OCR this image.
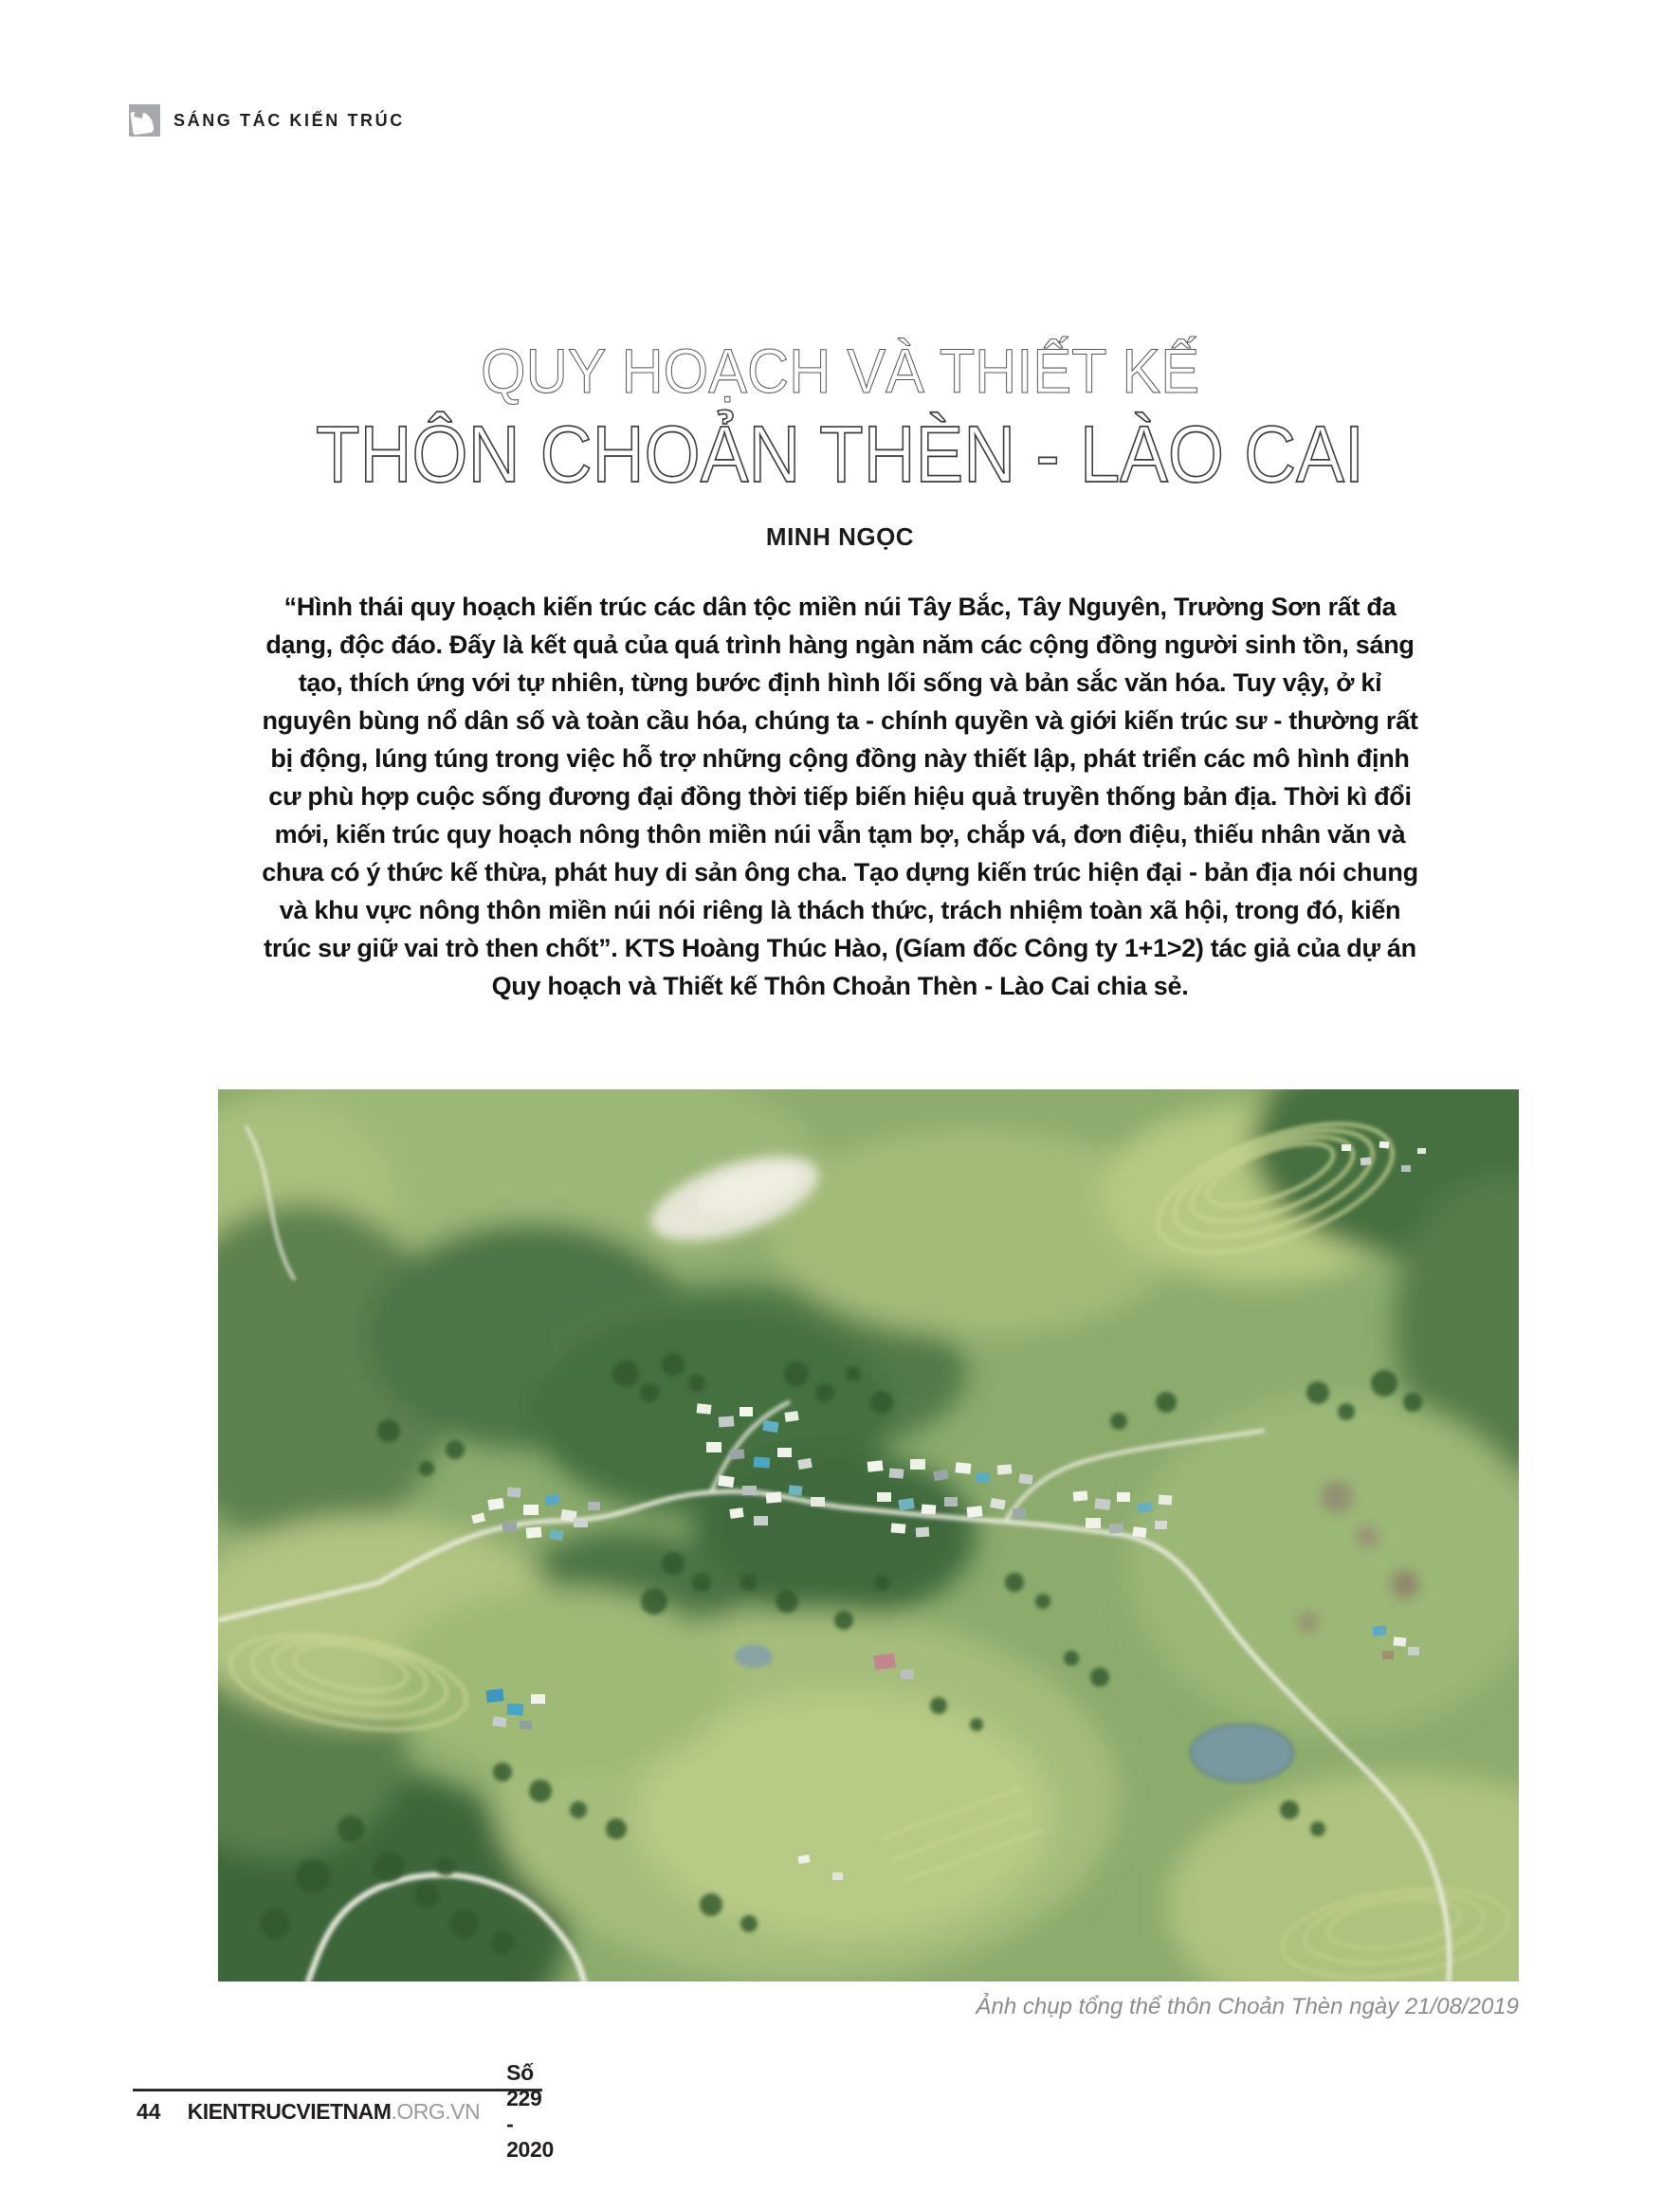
SÁNG TÁC KIẾN TRÚC
QUY HOẠCH VÀ THIẾT KẾ
THÔN CHOẢN THÈN - LÀO CAI
MINH NGỌC
“Hình thái quy hoạch kiến trúc các dân tộc miền núi Tây Bắc, Tây Nguyên, Trường Sơn rất đa dạng, độc đáo. Đấy là kết quả của quá trình hàng ngàn năm các cộng đồng người sinh tồn, sáng tạo, thích ứng với tự nhiên, từng bước định hình lối sống và bản sắc văn hóa. Tuy vậy, ở kỉ nguyên bùng nổ dân số và toàn cầu hóa, chúng ta - chính quyền và giới kiến trúc sư - thường rất bị động, lúng túng trong việc hỗ trợ những cộng đồng này thiết lập, phát triển các mô hình định cư phù hợp cuộc sống đương đại đồng thời tiếp biến hiệu quả truyền thống bản địa. Thời kì đổi mới, kiến trúc quy hoạch nông thôn miền núi vẫn tạm bợ, chắp vá, đơn điệu, thiếu nhân văn và chưa có ý thức kế thừa, phát huy di sản ông cha. Tạo dựng kiến trúc hiện đại - bản địa nói chung và khu vực nông thôn miền núi nói riêng là thách thức, trách nhiệm toàn xã hội, trong đó, kiến trúc sư giữ vai trò then chốt”. KTS Hoàng Thúc Hào, (Gíam đốc Công ty 1+1>2) tác giả của dự án Quy hoạch và Thiết kế Thôn Choản Thèn - Lào Cai chia sẻ.
Ảnh chụp tổng thể thôn Choản Thèn ngày 21/08/2019
44	KIENTRUCVIETNAM .ORG.VN
Số 229 - 2020
